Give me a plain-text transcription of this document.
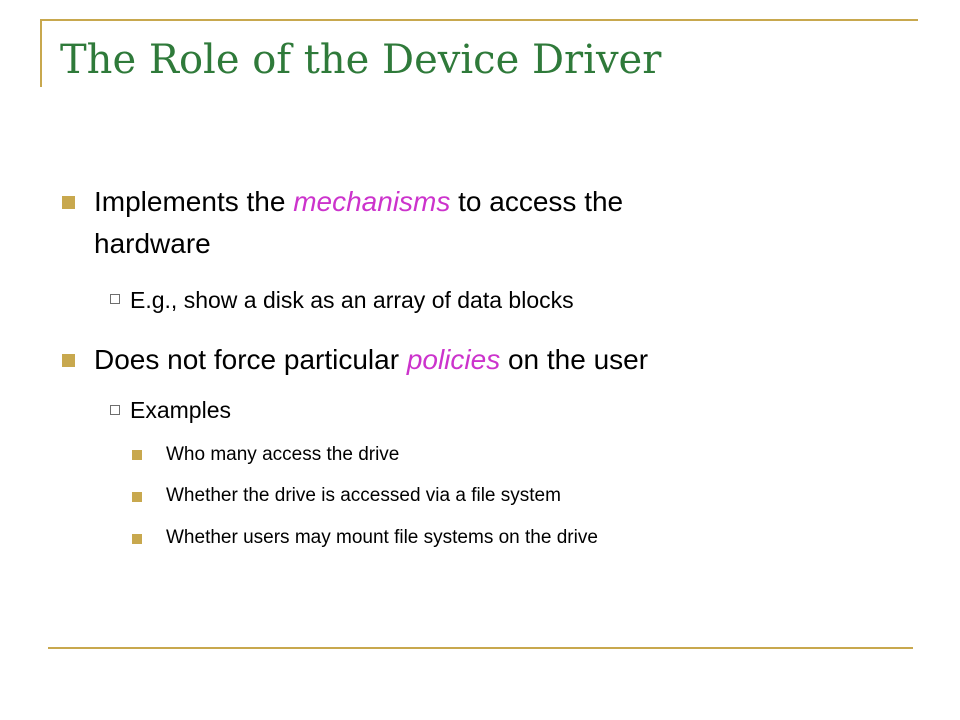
The Role of the Device Driver
Implements the mechanisms to access the
hardware
E.g., show a disk as an array of data blocks
Does not force particular policies on the user
Examples
Who many access the drive
Whether the drive is accessed via a file system
Whether users may mount file systems on the drive
